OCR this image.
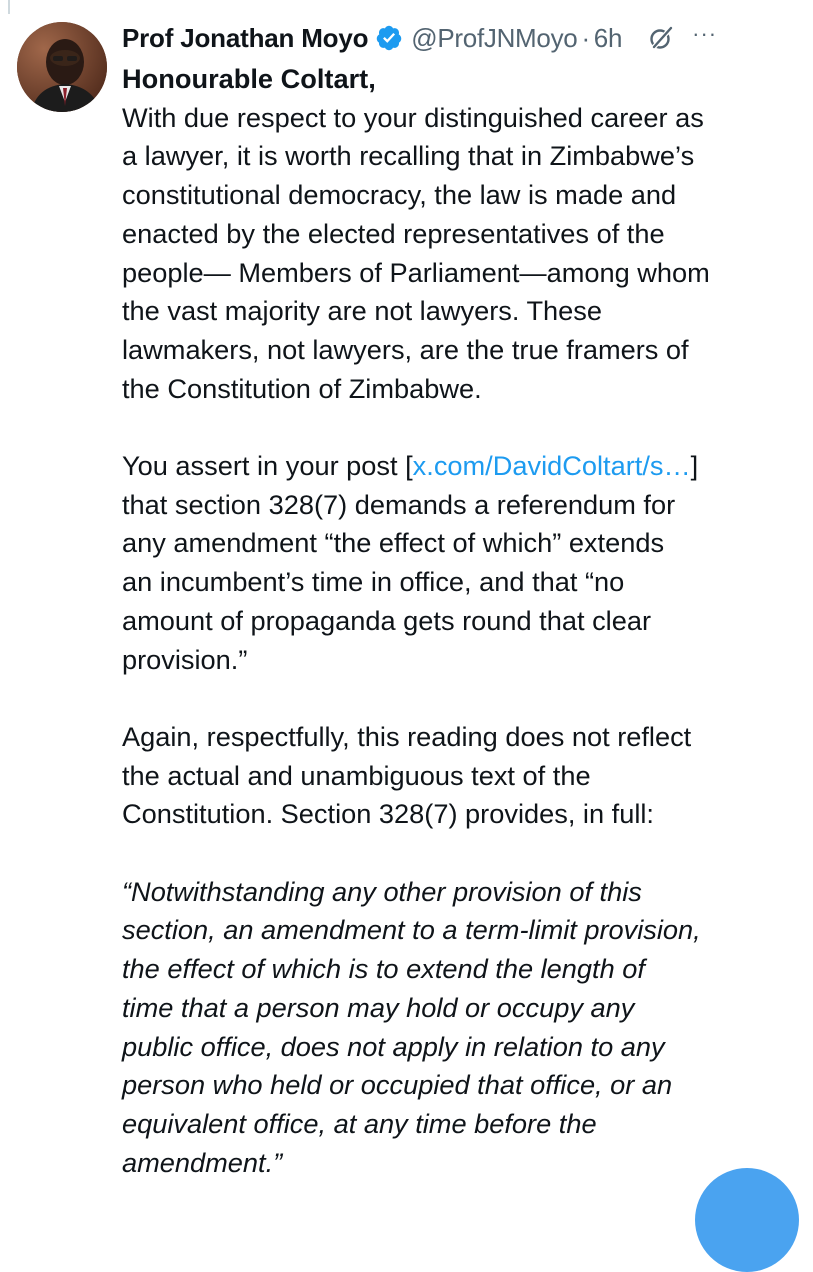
Prof Jonathan Moyo @ProfJNMoyo · 6h	···

Honourable Coltart,

With due respect to your distinguished career as
a lawyer, it is worth recalling that in Zimbabwe’s
constitutional democracy, the law is made and
enacted by the elected representatives of the
people— Members of Parliament—among whom
the vast majority are not lawyers. These
lawmakers, not lawyers, are the true framers of
the Constitution of Zimbabwe.

You assert in your post [x.com/DavidColtart/s…]
that section 328(7) demands a referendum for
any amendment “the effect of which” extends
an incumbent’s time in office, and that “no
amount of propaganda gets round that clear
provision.”

Again, respectfully, this reading does not reflect
the actual and unambiguous text of the
Constitution. Section 328(7) provides, in full:

“Notwithstanding any other provision of this
section, an amendment to a term-limit provision,
the effect of which is to extend the length of
time that a person may hold or occupy any
public office, does not apply in relation to any
person who held or occupied that office, or an
equivalent office, at any time before the
amendment.”
